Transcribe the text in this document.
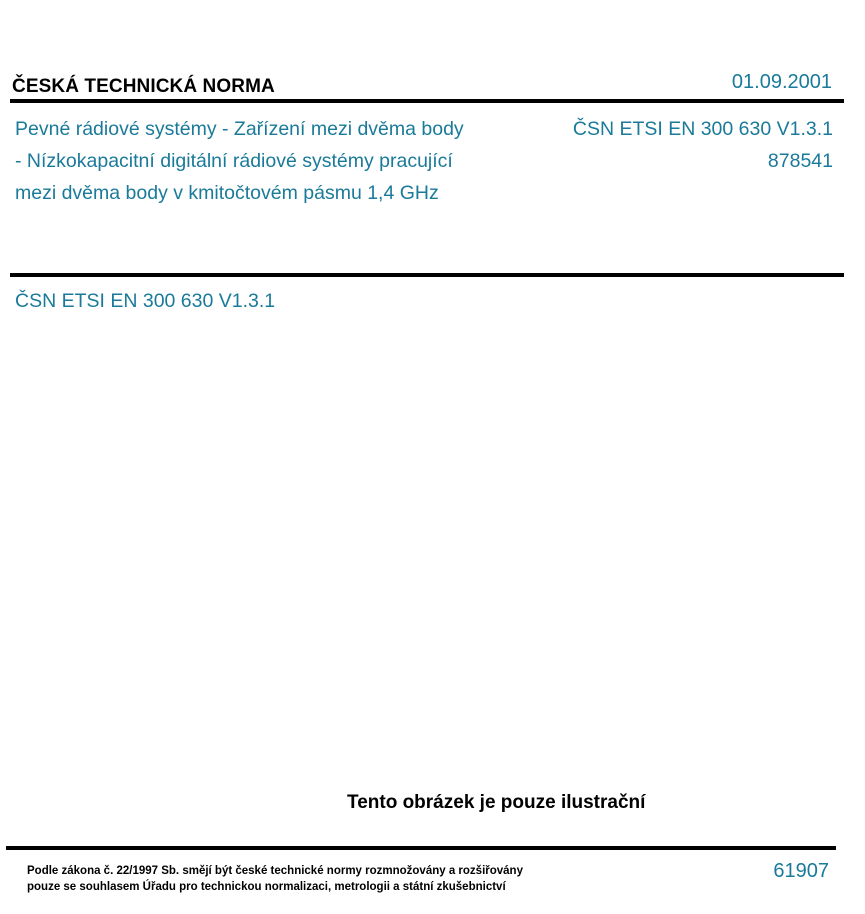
ČESKÁ TECHNICKÁ NORMA	01.09.2001
Pevné rádiové systémy - Zařízení mezi dvěma body
- Nízkokapacitní digitální rádiové systémy pracující
mezi dvěma body v kmitočtovém pásmu 1,4 GHz
ČSN ETSI EN 300 630 V1.3.1
878541
ČSN ETSI EN 300 630 V1.3.1
Tento obrázek je pouze ilustrační
Podle zákona č. 22/1997 Sb. smějí být české technické normy rozmnožovány a rozšiřovány
pouze se souhlasem Úřadu pro technickou normalizaci, metrologii a státní zkušebnictví
61907
